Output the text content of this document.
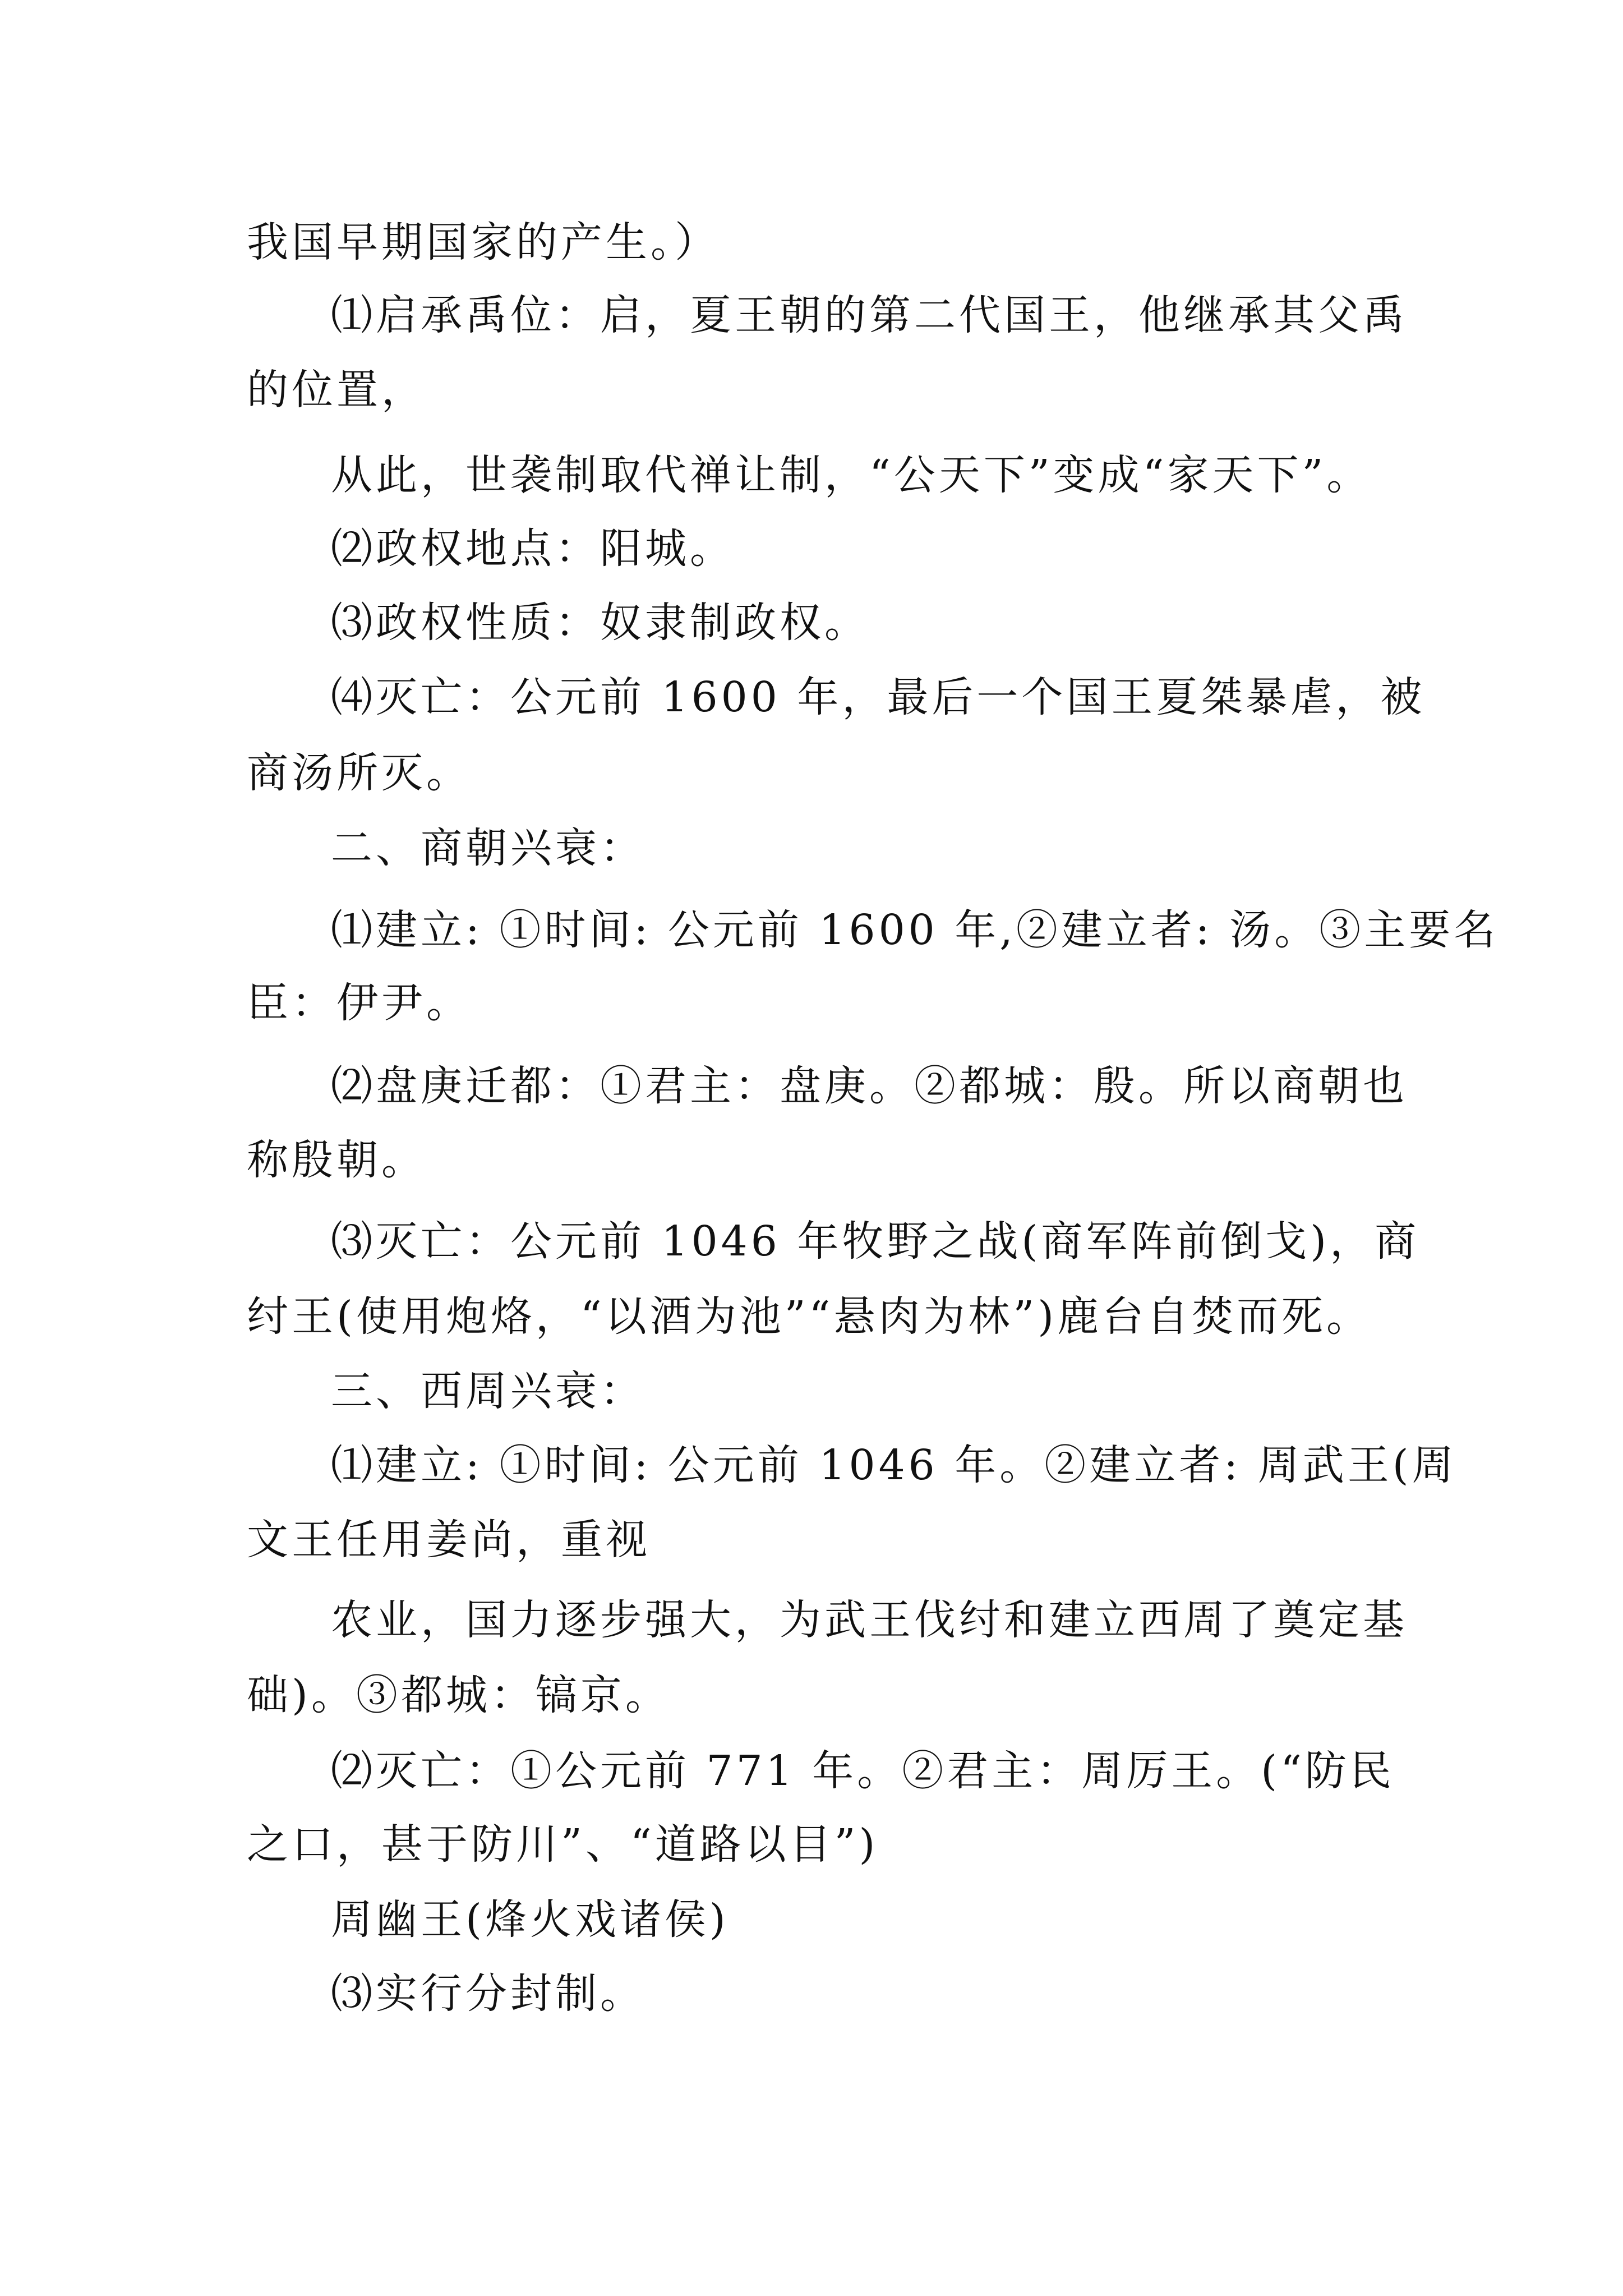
我国早期国家的产生。）
⑴启承禹位：启，夏王朝的第二代国王，他继承其父禹
的位置，
从此，世袭制取代禅让制，“公天下”变成“家天下”。
⑵政权地点：阳城。
⑶政权性质：奴隶制政权。
⑷灭亡：公元前 1600 年，最后一个国王夏桀暴虐，被
商汤所灭。
二、商朝兴衰：
⑴建立: ①时间: 公元前 1600 年,②建立者: 汤。③主要名
臣：伊尹。
⑵盘庚迁都：①君主：盘庚。②都城：殷。所以商朝也
称殷朝。
⑶灭亡：公元前 1046 年牧野之战(商军阵前倒戈)，商
纣王(使用炮烙，“以酒为池”“悬肉为林”)鹿台自焚而死。
三、西周兴衰：
⑴建立: ①时间: 公元前 1046 年。②建立者: 周武王(周
文王任用姜尚，重视
农业，国力逐步强大，为武王伐纣和建立西周了奠定基
础)。③都城：镐京。
⑵灭亡：①公元前 771 年。②君主：周厉王。(“防民
之口，甚于防川”、“道路以目”)
周幽王(烽火戏诸侯)
⑶实行分封制。
